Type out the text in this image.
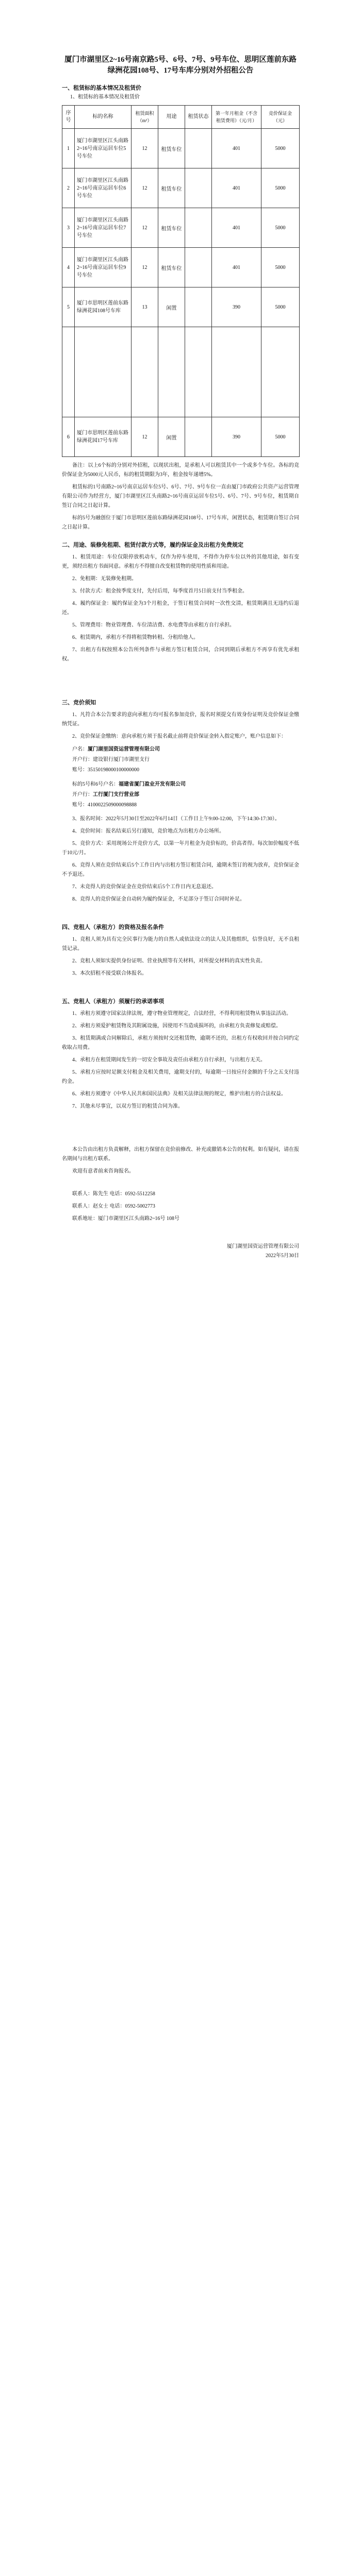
厦门市湖里区2~16号南京路5号、6号、7号、9号车位、思明区莲前东路绿洲花园108号、17号车库分别对外招租公告

一、租赁标的基本情况及租赁价
1、租赁标的基本情况及租赁价
序号	标的名称	租赁面积（m²）	用途	租赁状态	第一年月租金（不含租赁费用）（元/月）	竞价保证金（元）
1	厦门市湖里区江头南路2~16号南京运居车位5号车位	12	租赁车位		401	5000
2	厦门市湖里区江头南路2~16号南京运居车位6号车位	12	租赁车位		401	5000
3	厦门市湖里区江头南路2~16号南京运居车位7号车位	12	租赁车位		401	5000
4	厦门市湖里区江头南路2~16号南京运居车位9号车位	12	租赁车位		401	5000
5	厦门市思明区莲前东路绿洲花园108号车库	13	闲置		390	5000

6	厦门市思明区莲前东路绿洲花园17号车库	12	闲置		390	5000

备注：以上6个标的分别对外招租，以现状出租，是承租人可以租赁其中一个或多个车位。各标的竞价保证金为5000元人民币，标的租赁期限为3年，租金按年递增5%。

租赁标的1号南路2~16号南京运居车位5号、6号、7号、9号车位一直由厦门市政府公共资产运营管理有限公司作为经营方，厦门市湖里区江头南路2~16号南京运居车位5号、6号、7号、9号车位，租赁期自签订合同之日起计算。

标的5号为融创位于厦门市思明区莲前东路绿洲花园108号、17号车库，闲置状态，租赁期自签订合同之日起计算。

二、用途、装修免租期、租赁付款方式等，履约保证金及出租方免费规定

1、租赁用途：车位仅限停放机动车，仅作为停车使用，不得作为停车位以外的其他用途，如有变更，须经出租方书面同意。承租方不得擅自改变租赁物的使用性质和用途。

2、免租期：无装修免租期。

3、付款方式：租金按季度支付，先付后用，每季度首月5日前支付当季租金。

4、履约保证金：履约保证金为3个月租金，于签订租赁合同时一次性交清，租赁期满且无违约后退还。

5、管理费用：物业管理费、车位清洁费、水电费等由承租方自行承担。

6、租赁期内，承租方不得将租赁物转租、分租给他人。

7、出租方有权按照本公告所列条件与承租方签订租赁合同，合同到期后承租方不再享有优先承租权。

三、竞价须知

1、凡符合本公告要求的意向承租方均可报名参加竞价，报名时须提交有效身份证明及竞价保证金缴纳凭证。

2、竞价保证金缴纳：意向承租方须于报名截止前将竞价保证金转入指定账户，账户信息如下：

户名：厦门湖里国资运营管理有限公司
开户行：建设银行厦门市湖里支行
账号：35150198000100000000
标的5号和6号户名：福建省厦门盈业开发有限公司
开户行：工行厦门支行营业部
账号：4100022509000098888

3、报名时间：2022年5月30日至2022年6月14日（工作日上午9:00-12:00，下午14:30-17:30）。

4、竞价时间：报名结束后另行通知，竞价地点为出租方办公场所。

5、竞价方式：采用现场公开竞价方式，以第一年月租金为竞价标的，价高者得。每次加价幅度不低于10元/月。

6、竞得人须在竞价结束后5个工作日内与出租方签订租赁合同，逾期未签订的视为放弃，竞价保证金不予退还。

7、未竞得人的竞价保证金在竞价结束后5个工作日内无息退还。

8、竞得人的竞价保证金自动转为履约保证金，不足部分于签订合同时补足。

四、竞租人（承租方）的资格及报名条件

1、竞租人须为具有完全民事行为能力的自然人或依法设立的法人及其他组织，信誉良好，无不良租赁记录。

2、竞租人须如实提供身份证明、营业执照等有关材料，对所提交材料的真实性负责。

3、本次招租不接受联合体报名。

五、竞租人（承租方）须履行的承诺事项

1、承租方须遵守国家法律法规，遵守物业管理规定，合法经营，不得利用租赁物从事违法活动。

2、承租方须爱护租赁物及其附属设施，因使用不当造成损坏的，由承租方负责修复或赔偿。

3、租赁期满或合同解除后，承租方须按时交还租赁物，逾期不还的，出租方有权收回并按合同约定收取占用费。

4、承租方在租赁期间发生的一切安全事故及责任由承租方自行承担，与出租方无关。

5、承租方应按时足额支付租金及相关费用，逾期支付的，每逾期一日按应付金额的千分之五支付违约金。

6、承租方须遵守《中华人民共和国民法典》及相关法律法规的规定，维护出租方的合法权益。

7、其他未尽事宜，以双方签订的租赁合同为准。

本公告由出租方负责解释，出租方保留在竞价前修改、补充或撤销本公告的权利。如有疑问，请在报名期间与出租方联系。

欢迎有意者前来咨询报名。

联系人：陈先生 电话：0592-5512258

联系人：赵女士 电话：0592-5002773

联系地址：厦门市湖里区江头南路2~16号 108号

厦门湖里国资运营管理有限公司
2022年5月30日
